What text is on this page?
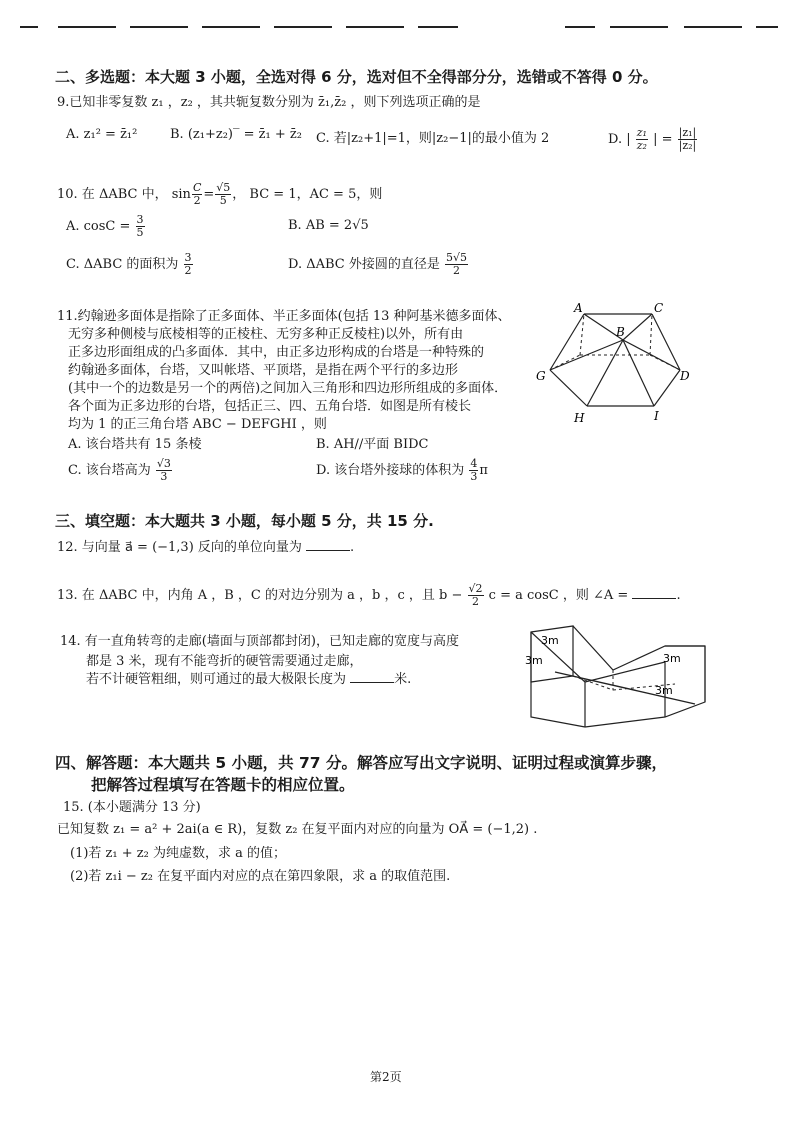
二、多选题：本大题 3 小题，全选对得 6 分，选对但不全得部分分，选错或不答得 0 分。
9.已知非零复数 z₁ ，z₂ ，其共轭复数分别为 z̄₁,z̄₂ ，则下列选项正确的是
A. z₁² = z̄₁²	B. (z₁+z₂)‾ = z̄₁ + z̄₂ C. 若|z₂+1|=1，则|z₂−1|的最小值为 2	D. | $\frac{\text{z₁}}{\text{z₂}}$ | = $\frac{\text{|z₁|}}{\text{|z₂|}}$
10. 在 ΔABC 中， $\sin \frac{C}{2} = \frac{√5}{5}$ ， BC = 1，AC = 5，则
A. $\cos C = \frac{3}{5}$	B. AB = 2√5
C. ΔABC 的面积为 $\frac{3}{2}$	D. ΔABC 外接圆的直径是 $\frac{5√5}{2}$
11.约翰逊多面体是指除了正多面体、半正多面体(包括 13 种阿基米德多面体、
无穷多种侧棱与底棱相等的正棱柱、无穷多种正反棱柱)以外，所有由
正多边形面组成的凸多面体．其中，由正多边形构成的台塔是一种特殊的
约翰逊多面体，台塔，又叫帐塔、平顶塔，是指在两个平行的多边形
(其中一个的边数是另一个的两倍)之间加入三角形和四边形所组成的多面体．
各个面为正多边形的台塔，包括正三、四、五角台塔．如图是所有棱长
均为 1 的正三角台塔 ABC − DEFGHI ，则
A. 该台塔共有 15 条棱	B. AH//平面 BIDC
C. 该台塔高为 $\frac{√3}{3}$	D. 该台塔外接球的体积为 $\frac{4}{3}$ π
A
B
C
G	D
H	I
三、填空题：本大题共 3 小题，每小题 5 分，共 15 分.
12. 与向量 a⃗ = (−1,3) 反向的单位向量为	.
13. 在 ΔABC 中，内角 A ，B ，C 的对边分别为 a ，b ，c ，且 $b - \frac{√2}{2}$ c = a cosC ，则 ∠A =	.
14. 有一直角转弯的走廊(墙面与顶部都封闭)，已知走廊的宽度与高度
都是 3 米，现有不能弯折的硬管需要通过走廊，
若不计硬管粗细，则可通过的最大极限长度为	米.
3m
3m	3m
3m
四、解答题：本大题共 5 小题，共 77 分。解答应写出文字说明、证明过程或演算步骤，
把解答过程填写在答题卡的相应位置。
15. (本小题满分 13 分)
已知复数 z₁ = a² + 2ai(a ∈ R)，复数 z₂ 在复平面内对应的向量为 OA⃗ = (−1,2) .
(1)若 z₁ + z₂ 为纯虚数，求 a 的值；
(2)若 z₁i − z₂ 在复平面内对应的点在第四象限，求 a 的取值范围.
第2页
